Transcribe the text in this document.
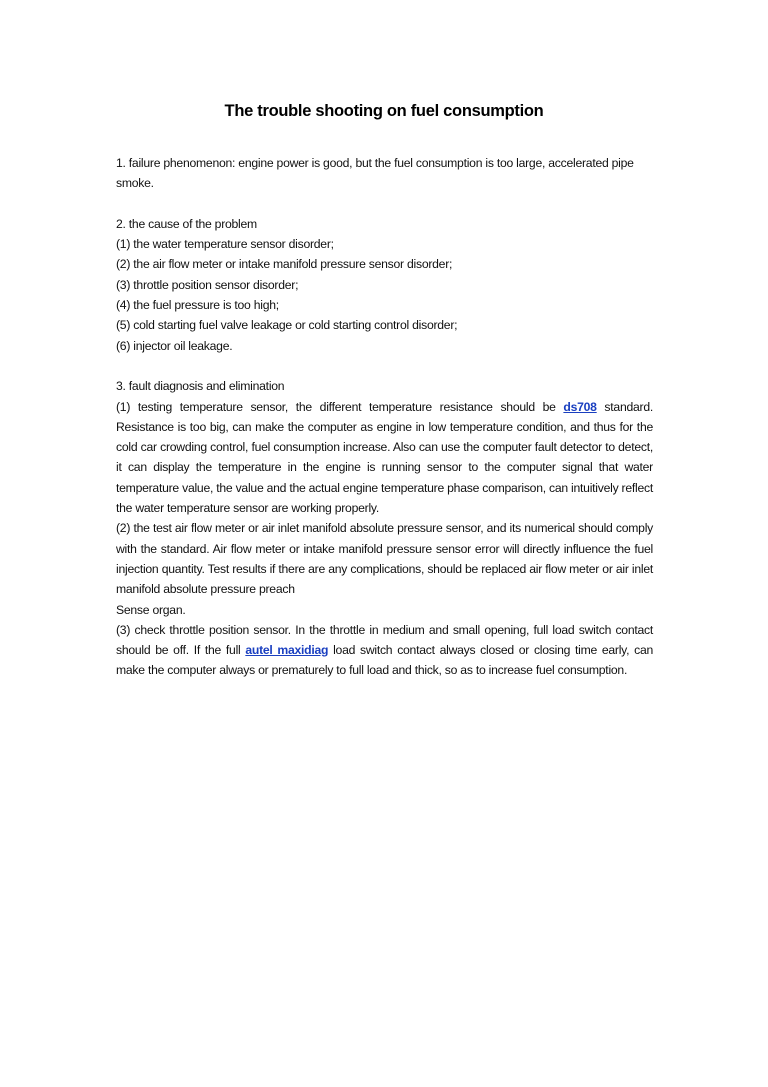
The trouble shooting on fuel consumption

1. failure phenomenon: engine power is good, but the fuel consumption is too large, accelerated pipe smoke.

2. the cause of the problem

(1) the water temperature sensor disorder;

(2) the air flow meter or intake manifold pressure sensor disorder;

(3) throttle position sensor disorder;

(4) the fuel pressure is too high;

(5) cold starting fuel valve leakage or cold starting control disorder;

(6) injector oil leakage.

3. fault diagnosis and elimination

(1) testing temperature sensor, the different temperature resistance should be ds708 standard. Resistance is too big, can make the computer as engine in low temperature condition, and thus for the cold car crowding control, fuel consumption increase. Also can use the computer fault detector to detect, it can display the temperature in the engine is running sensor to the computer signal that water temperature value, the value and the actual engine temperature phase comparison, can intuitively reflect the water temperature sensor are working properly.

(2) the test air flow meter or air inlet manifold absolute pressure sensor, and its numerical should comply with the standard. Air flow meter or intake manifold pressure sensor error will directly influence the fuel injection quantity. Test results if there are any complications, should be replaced air flow meter or air inlet manifold absolute pressure preach

Sense organ.

(3) check throttle position sensor. In the throttle in medium and small opening, full load switch contact should be off. If the full autel maxidiag load switch contact always closed or closing time early, can make the computer always or prematurely to full load and thick, so as to increase fuel consumption.
